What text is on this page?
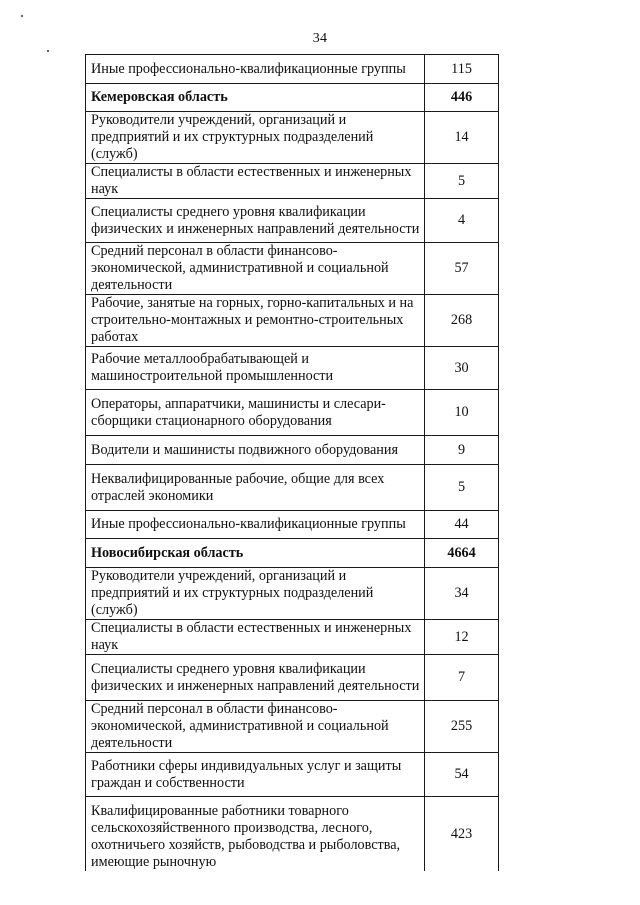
34
Иные профессионально-квалификационные группы	115
Кемеровская область	446
Руководители учреждений, организаций и предприятий и их структурных подразделений (служб)	14
Специалисты в области естественных и инженерных наук	5
Специалисты среднего уровня квалификации физических и инженерных направлений деятельности	4
Средний персонал в области финансово-экономической, административной и социальной деятельности	57
Рабочие, занятые на горных, горно-капитальных и на строительно-монтажных и ремонтно-строительных работах	268
Рабочие металлообрабатывающей и машиностроительной промышленности	30
Операторы, аппаратчики, машинисты и слесари-сборщики стационарного оборудования	10
Водители и машинисты подвижного оборудования	9
Неквалифицированные рабочие, общие для всех отраслей экономики	5
Иные профессионально-квалификационные группы	44
Новосибирская область	4664
Руководители учреждений, организаций и предприятий и их структурных подразделений (служб)	34
Специалисты в области естественных и инженерных наук	12
Специалисты среднего уровня квалификации физических и инженерных направлений деятельности	7
Средний персонал в области финансово-экономической, административной и социальной деятельности	255
Работники сферы индивидуальных услуг и защиты граждан и собственности	54
Квалифицированные работники товарного сельскохозяйственного производства, лесного, охотничьего хозяйств, рыбоводства и рыболовства, имеющие рыночную	423
